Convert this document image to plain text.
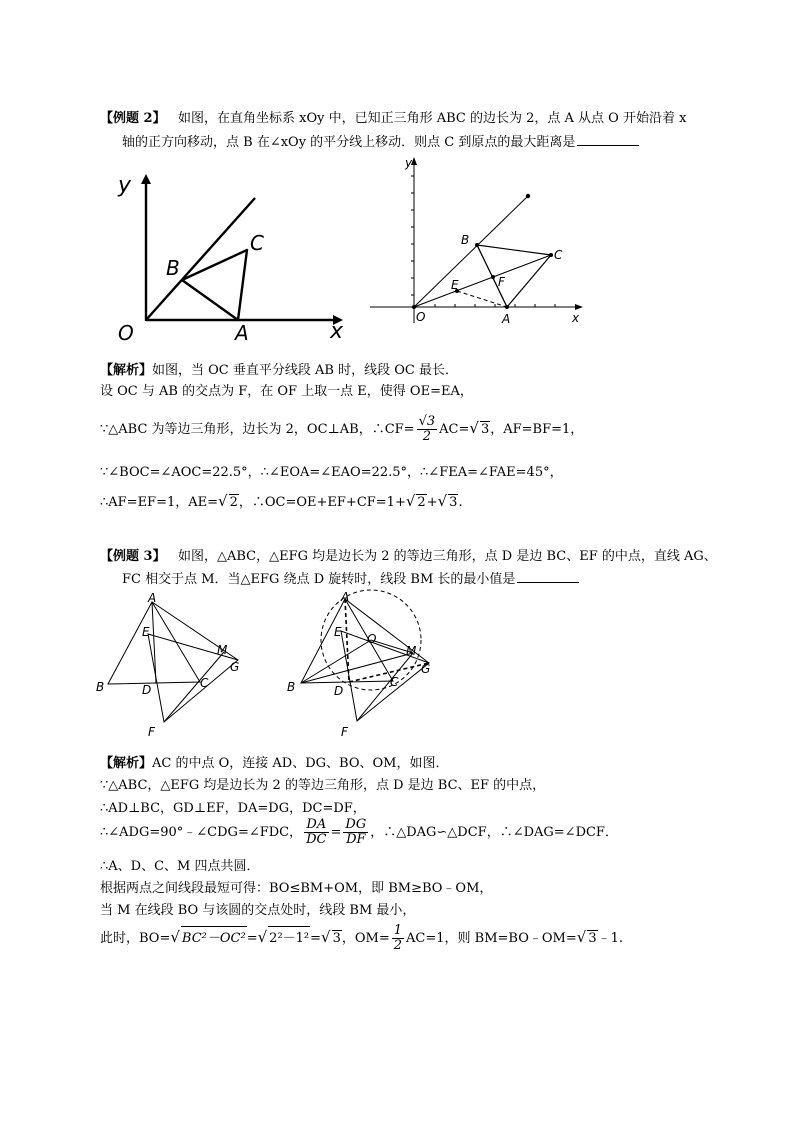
【例题 2】 如图，在直角坐标系 xOy 中，已知正三角形 ABC 的边长为 2，点 A 从点 O 开始沿着 x
轴的正方向移动，点 B 在∠xOy 的平分线上移动．则点 C 到原点的最大距离是
y
x
O	A
B
C
y
x
O	A
B
C
E	F
【解析】如图，当 OC 垂直平分线段 AB 时，线段 OC 最长．
设 OC 与 AB 的交点为 F，在 OF 上取一点 E，使得 OE=EA，
∵△ABC 为等边三角形，边长为 2，OC⊥AB，∴CF= $\frac{√3}{2} AC=√$ 3，AF=BF=1，
∵∠BOC=∠AOC=22.5°，∴∠EOA=∠EAO=22.5°，∴∠FEA=∠FAE=45°，
∴AF=EF=1，AE=√ 2，∴OC=OE+EF+CF=1+√ 2+√ 3.
【例题 3】 如图，△ABC，△EFG 均是边长为 2 的等边三角形，点 D 是边 BC、EF 的中点，直线 AG、
FC 相交于点 M．当△EFG 绕点 D 旋转时，线段 BM 长的最小值是
A
B	C
D
E
F
G
M
A
B	C
D
E
F
G
M
O
【解析】AC 的中点 O，连接 AD、DG、BO、OM，如图．
∵△ABC，△EFG 均是边长为 2 的等边三角形，点 D 是边 BC、EF 的中点，
∴AD⊥BC，GD⊥EF，DA=DG，DC=DF，
∴∠ADG=90°﹣∠CDG=∠FDC， $\frac{DA}{DC} = \frac{DG}{DF}$ ，∴△DAG∽△DCF，∴∠DAG=∠DCF．
∴A、D、C、M 四点共圆．
根据两点之间线段最短可得：BO≤BM+OM，即 BM≥BO﹣OM，
当 M 在线段 BO 与该圆的交点处时，线段 BM 最小，
此时，BO=√ BC²－OC²=√ 2²－1²=√ 3，$OM= \frac{1}{2} AC=1$，则 BM=BO﹣OM=√ 3﹣1.
